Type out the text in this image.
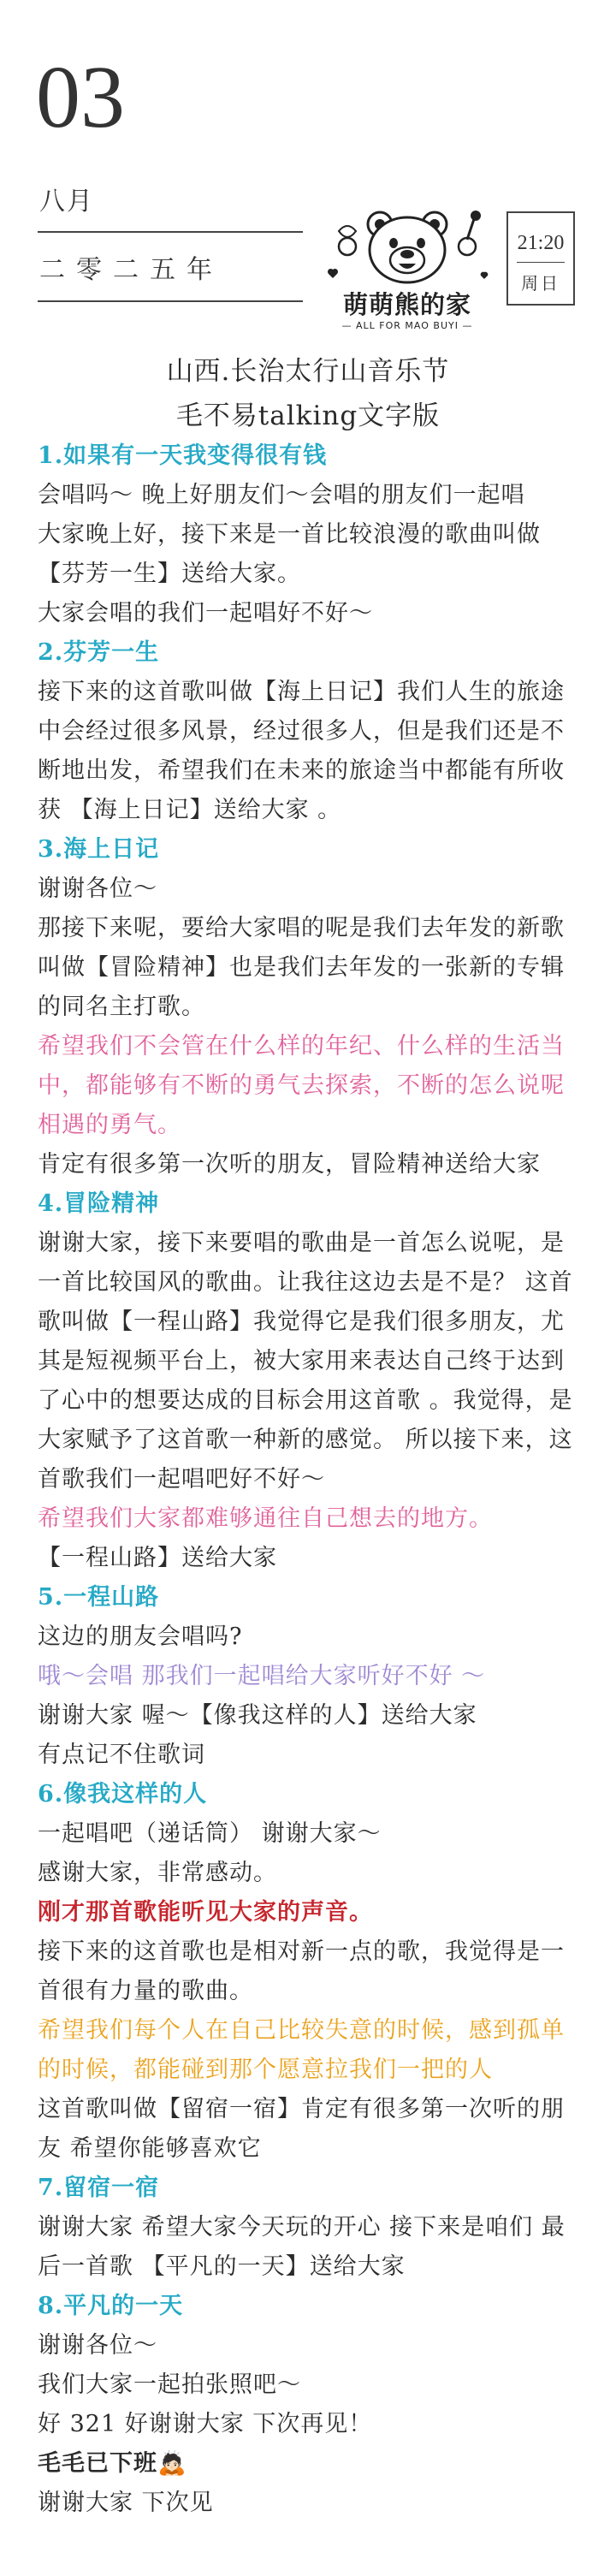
03
八月
二零二五年
萌萌熊的家
— ALL FOR MAO BUYI —
21:20
周日
山西.长治太行山音乐节
毛不易talking文字版

1.如果有一天我变得很有钱

会唱吗～ 晚上好朋友们～会唱的朋友们一起唱

大家晚上好，接下来是一首比较浪漫的歌曲叫做【芬芳一生】送给大家。

大家会唱的我们一起唱好不好～

2.芬芳一生

接下来的这首歌叫做【海上日记】我们人生的旅途中会经过很多风景，经过很多人，但是我们还是不断地出发，希望我们在未来的旅途当中都能有所收获 【海上日记】送给大家 。

3.海上日记

谢谢各位～

那接下来呢，要给大家唱的呢是我们去年发的新歌叫做【冒险精神】也是我们去年发的一张新的专辑的同名主打歌。

希望我们不会管在什么样的年纪、什么样的生活当中，都能够有不断的勇气去探索，不断的怎么说呢相遇的勇气。

肯定有很多第一次听的朋友，冒险精神送给大家

4.冒险精神

谢谢大家，接下来要唱的歌曲是一首怎么说呢，是一首比较国风的歌曲。让我往这边去是不是？ 这首歌叫做【一程山路】我觉得它是我们很多朋友，尤其是短视频平台上，被大家用来表达自己终于达到了心中的想要达成的目标会用这首歌 。我觉得，是大家赋予了这首歌一种新的感觉。 所以接下来，这首歌我们一起唱吧好不好～

希望我们大家都难够通往自己想去的地方。

【一程山路】送给大家

5.一程山路

这边的朋友会唱吗?

哦～会唱 那我们一起唱给大家听好不好 ～

谢谢大家 喔～【像我这样的人】送给大家

有点记不住歌词

6.像我这样的人

一起唱吧（递话筒） 谢谢大家～

感谢大家，非常感动。

刚才那首歌能听见大家的声音。

接下来的这首歌也是相对新一点的歌，我觉得是一首很有力量的歌曲。

希望我们每个人在自己比较失意的时候，感到孤单的时候，都能碰到那个愿意拉我们一把的人

这首歌叫做【留宿一宿】肯定有很多第一次听的朋友 希望你能够喜欢它

7.留宿一宿

谢谢大家 希望大家今天玩的开心 接下来是咱们 最后一首歌 【平凡的一天】送给大家

8.平凡的一天

谢谢各位～

我们大家一起拍张照吧～

好 321 好谢谢大家 下次再见！

毛毛已下班🙇🏻

谢谢大家 下次见
